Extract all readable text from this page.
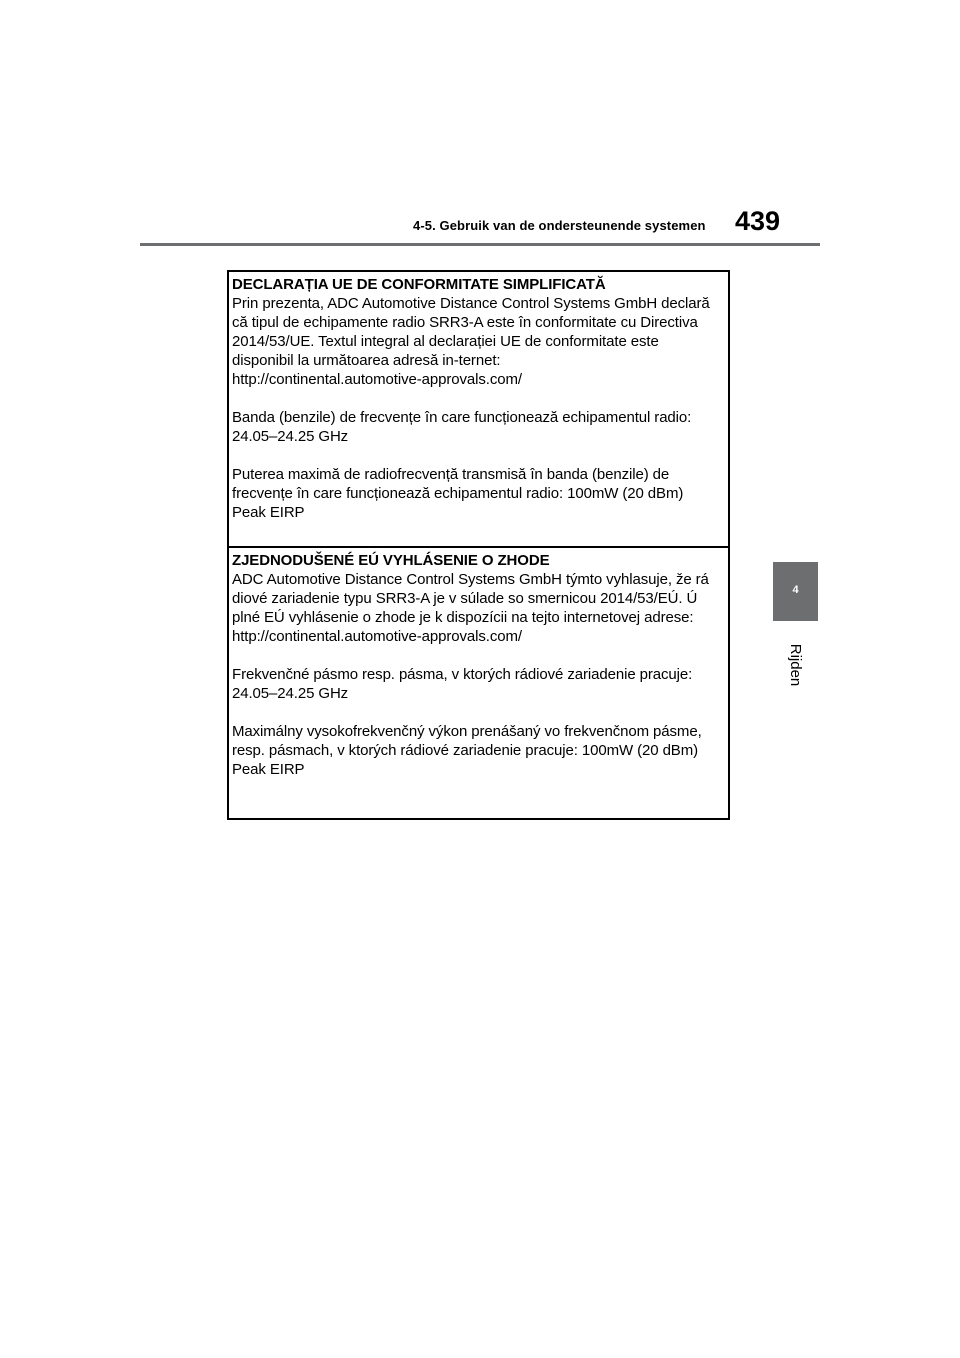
4-5. Gebruik van de ondersteunende systemen 439
4
Rijden

DECLARAȚIA UE DE CONFORMITATE SIMPLIFICATĂ

Prin prezenta, ADC Automotive Distance Control Systems GmbH declară
că tipul de echipamente radio SRR3-A este în conformitate cu Directiva
2014/53/UE. Textul integral al declarației UE de conformitate este
disponibil la următoarea adresă in-ternet:
http://continental.automotive-approvals.com/

Banda (benzile) de frecvențe în care funcționează echipamentul radio:
24.05–24.25 GHz

Puterea maximă de radiofrecvență transmisă în banda (benzile) de
frecvențe în care funcționează echipamentul radio: 100mW (20 dBm)
Peak EIRP

ZJEDNODUŠENÉ EÚ VYHLÁSENIE O ZHODE

ADC Automotive Distance Control Systems GmbH týmto vyhlasuje, že rá
diové zariadenie typu SRR3-A je v súlade so smernicou 2014/53/EÚ. Ú
plné EÚ vyhlásenie o zhode je k dispozícii na tejto internetovej adrese:
http://continental.automotive-approvals.com/

Frekvenčné pásmo resp. pásma, v ktorých rádiové zariadenie pracuje:
24.05–24.25 GHz

Maximálny vysokofrekvenčný výkon prenášaný vo frekvenčnom pásme,
resp. pásmach, v ktorých rádiové zariadenie pracuje: 100mW (20 dBm)
Peak EIRP
